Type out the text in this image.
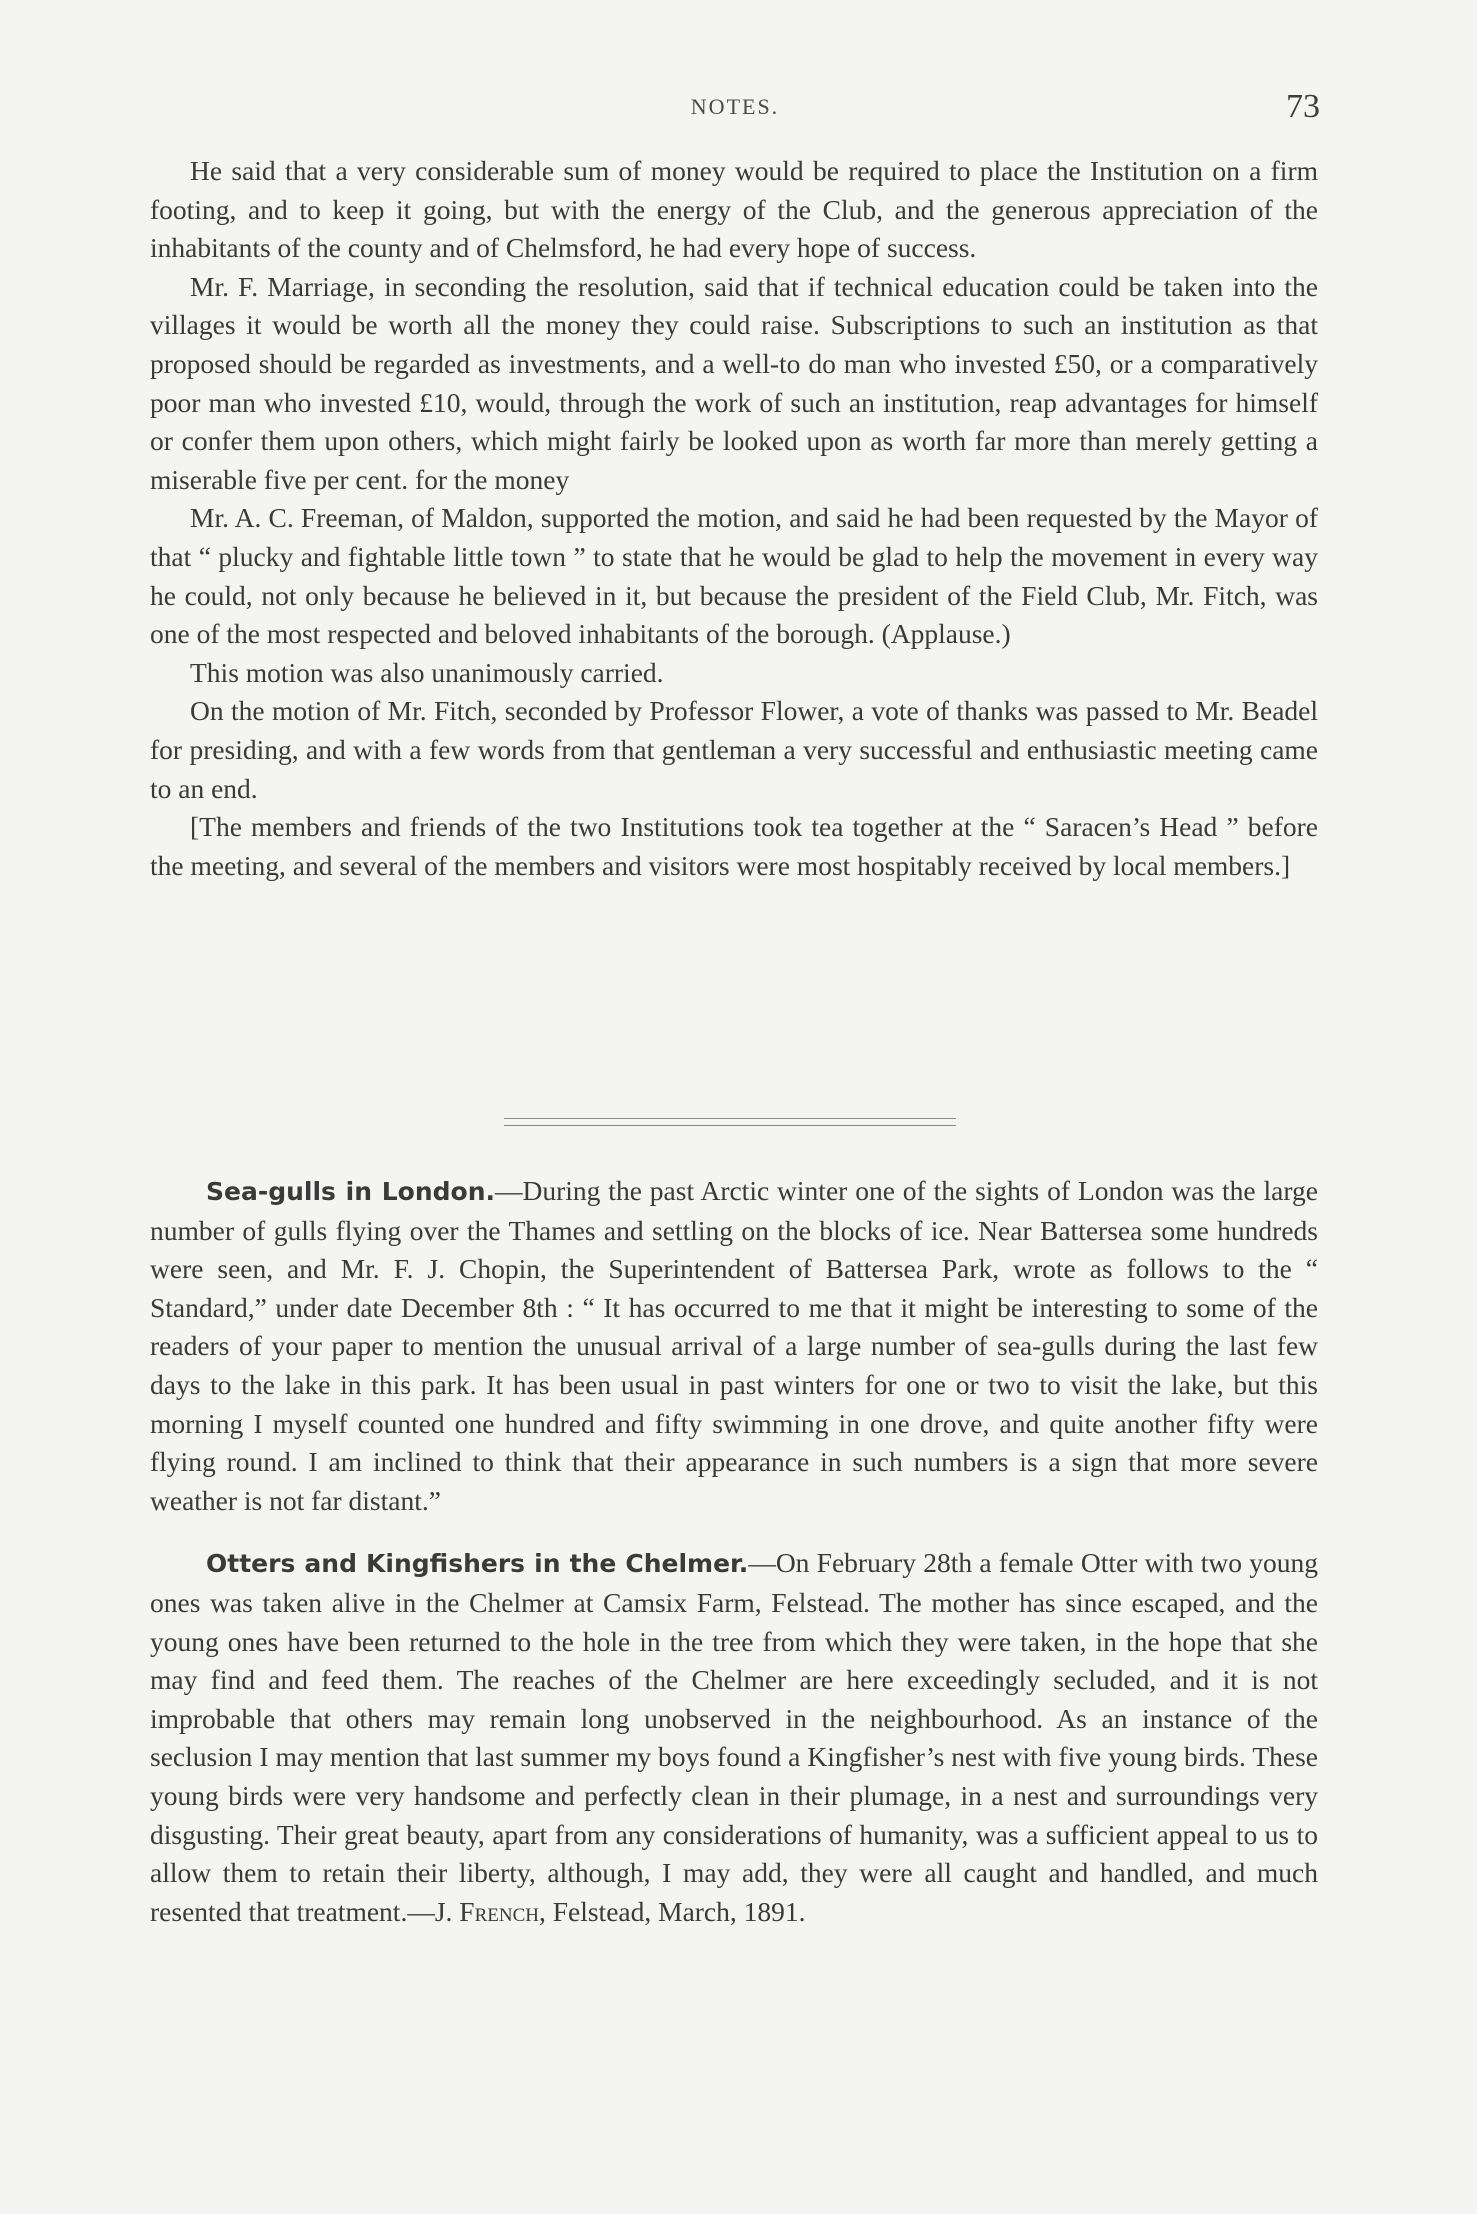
NOTES.	73

He said that a very considerable sum of money would be required to place the Institution on a firm footing, and to keep it going, but with the energy of the Club, and the generous appreciation of the inhabitants of the county and of Chelmsford, he had every hope of success.

Mr. F. Marriage, in seconding the resolution, said that if technical education could be taken into the villages it would be worth all the money they could raise. Subscriptions to such an institution as that proposed should be regarded as investments, and a well-to do man who invested £50, or a comparatively poor man who invested £10, would, through the work of such an institution, reap advantages for himself or confer them upon others, which might fairly be looked upon as worth far more than merely getting a miserable five per cent. for the money

Mr. A. C. Freeman, of Maldon, supported the motion, and said he had been requested by the Mayor of that “ plucky and fightable little town ” to state that he would be glad to help the movement in every way he could, not only because he believed in it, but because the president of the Field Club, Mr. Fitch, was one of the most respected and beloved inhabitants of the borough. (Applause.)

This motion was also unanimously carried.

On the motion of Mr. Fitch, seconded by Professor Flower, a vote of thanks was passed to Mr. Beadel for presiding, and with a few words from that gentleman a very successful and enthusiastic meeting came to an end.

[The members and friends of the two Institutions took tea together at the “ Saracen’s Head ” before the meeting, and several of the members and visitors were most hospitably received by local members.]

Sea-gulls in London.—During the past Arctic winter one of the sights of London was the large number of gulls flying over the Thames and settling on the blocks of ice. Near Battersea some hundreds were seen, and Mr. F. J. Chopin, the Superintendent of Battersea Park, wrote as follows to the “ Standard,” under date December 8th : “ It has occurred to me that it might be interesting to some of the readers of your paper to mention the unusual arrival of a large number of sea-gulls during the last few days to the lake in this park. It has been usual in past winters for one or two to visit the lake, but this morning I myself counted one hundred and fifty swimming in one drove, and quite another fifty were flying round. I am inclined to think that their appearance in such numbers is a sign that more severe weather is not far distant.”

Otters and Kingfishers in the Chelmer.—On February 28th a female Otter with two young ones was taken alive in the Chelmer at Camsix Farm, Felstead. The mother has since escaped, and the young ones have been returned to the hole in the tree from which they were taken, in the hope that she may find and feed them. The reaches of the Chelmer are here exceedingly secluded, and it is not improbable that others may remain long unobserved in the neighbourhood. As an instance of the seclusion I may mention that last summer my boys found a Kingfisher’s nest with five young birds. These young birds were very handsome and perfectly clean in their plumage, in a nest and surroundings very disgusting. Their great beauty, apart from any considerations of humanity, was a sufficient appeal to us to allow them to retain their liberty, although, I may add, they were all caught and handled, and much resented that treatment.—J. French, Felstead, March, 1891.
